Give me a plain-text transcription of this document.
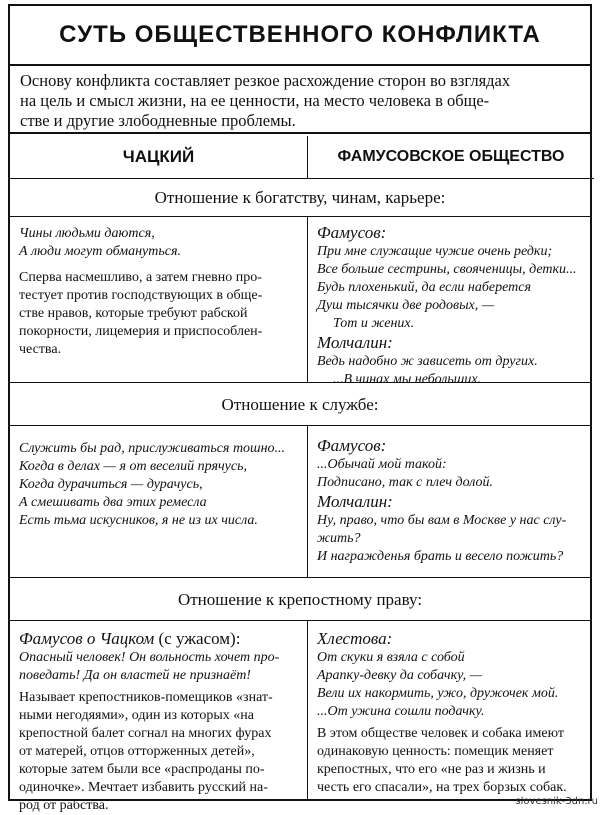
СУТЬ ОБЩЕСТВЕННОГО КОНФЛИКТА

Основу конфликта составляет резкое расхождение сторон во взглядах

на цель и смысл жизни, на ее ценности, на место человека в обще-

стве и другие злободневные проблемы.

ЧАЦКИЙ	ФАМУСОВСКОЕ ОБЩЕСТВО
Отношение к богатству, чинам, карьере:

Чины людьми даются,

А люди могут обмануться.

Сперва насмешливо, а затем гневно про-

тестует против господствующих в обще-

стве нравов, которые требуют рабской

покорности, лицемерия и приспособлен-

чества.

Фамусов:

При мне служащие чужие очень редки;

Все больше сестрины, свояченицы, детки...

Будь плохенький, да если наберется

Душ тысячки две родовых, —

Тот и жених.

Молчалин:

Ведь надобно ж зависеть от других.

...В чинах мы небольших.

Отношение к службе:

Служить бы рад, прислуживаться тошно...

Когда в делах — я от веселий прячусь,

Когда дурачиться — дурачусь,

А смешивать два этих ремесла

Есть тьма искусников, я не из их числа.

Фамусов:

...Обычай мой такой:

Подписано, так с плеч долой.

Молчалин:

Ну, право, что бы вам в Москве у нас слу-

жить?

И награжденья брать и весело пожить?

Отношение к крепостному праву:

Фамусов о Чацком (с ужасом):

Опасный человек! Он вольность хочет про-

поведать! Да он властей не признаёт!

Называет крепостников-помещиков «знат-

ными негодяями», один из которых «на

крепостной балет согнал на многих фурах

от матерей, отцов отторженных детей»,

которые затем были все «распроданы по-

одиночке». Мечтает избавить русский на-

род от рабства.

Хлестова:

От скуки я взяла с собой

Арапку-девку да собачку, —

Вели их накормить, ужо, дружочек мой.

...От ужина сошли подачку.

В этом обществе человек и собака имеют

одинаковую ценность: помещик меняет

крепостных, что его «не раз и жизнь и

честь его спасали», на трех борзых собак.

slovesnik-3dn.ru
